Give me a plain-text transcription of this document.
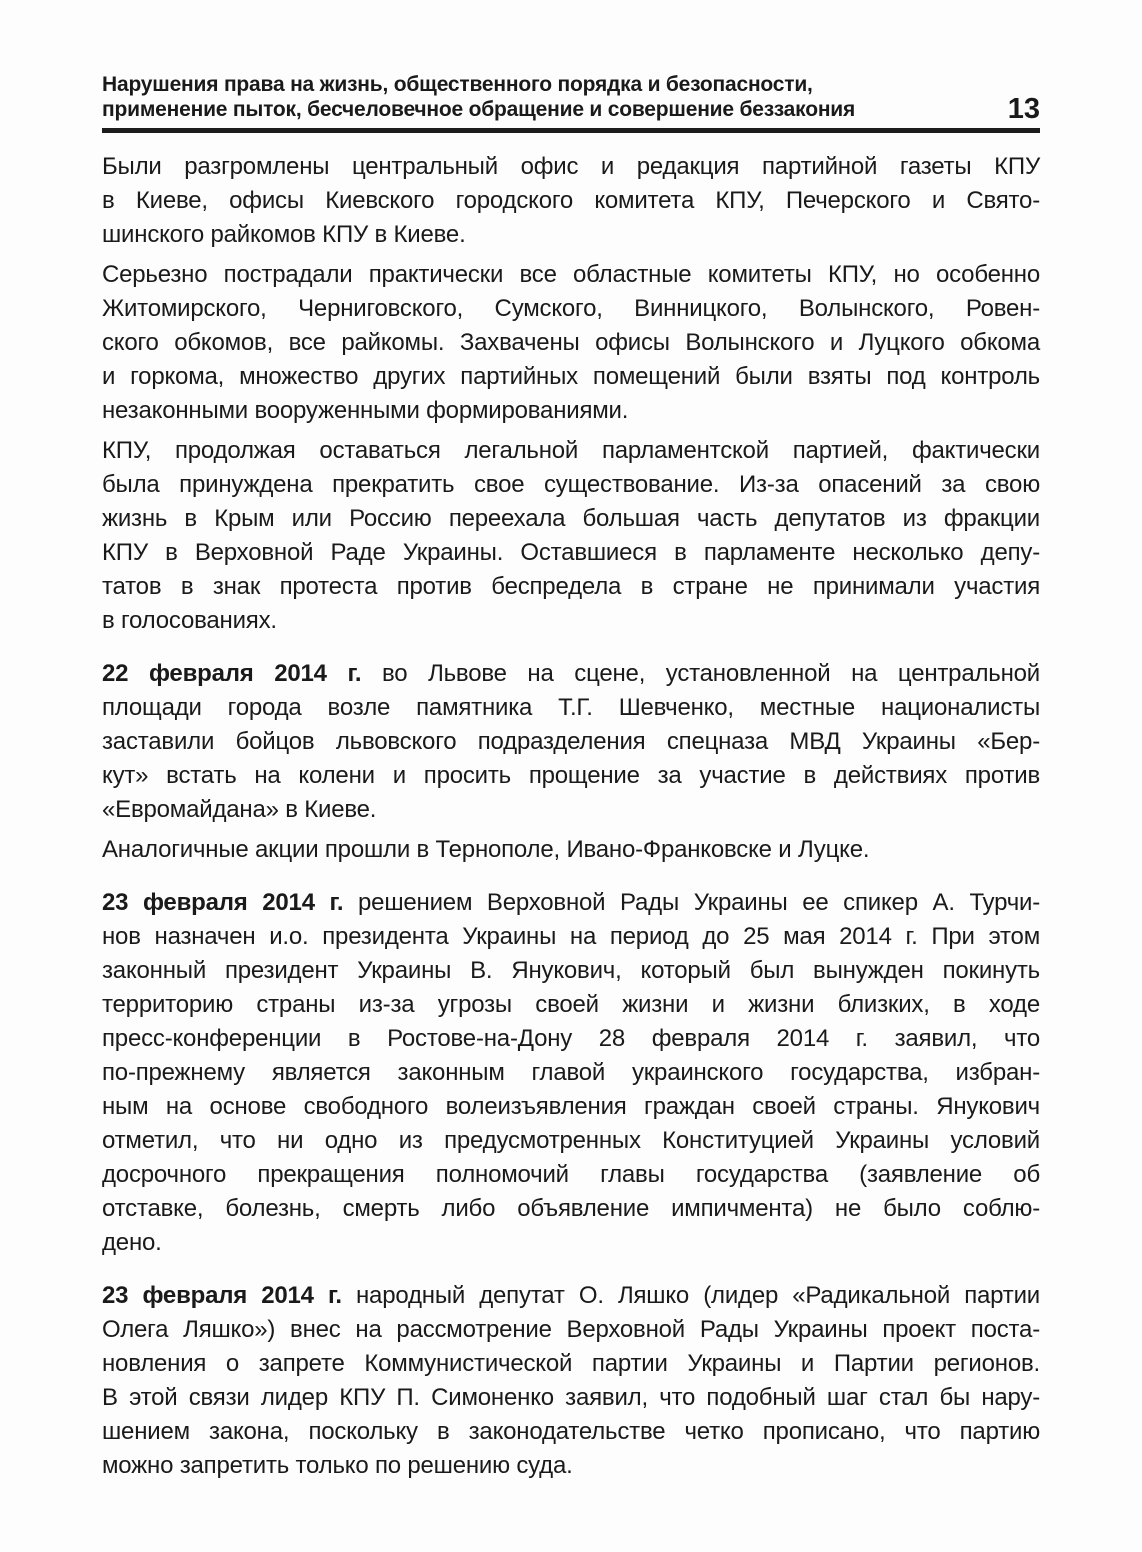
Нарушения права на жизнь, общественного порядка и безопасности,
применение пыток, бесчеловечное обращение и совершение беззакония	13
Были разгромлены центральный офис и редакция партийной газеты КПУ
в Киеве, офисы Киевского городского комитета КПУ, Печерского и Свято-
шинского райкомов КПУ в Киеве.
Серьезно пострадали практически все областные комитеты КПУ, но особенно
Житомирского, Черниговского, Сумского, Винницкого, Волынского, Ровен-
ского обкомов, все райкомы. Захвачены офисы Волынского и Луцкого обкома
и горкома, множество других партийных помещений были взяты под контроль
незаконными вооруженными формированиями.
КПУ, продолжая оставаться легальной парламентской партией, фактически
была принуждена прекратить свое существование. Из-за опасений за свою
жизнь в Крым или Россию переехала большая часть депутатов из фракции
КПУ в Верховной Раде Украины. Оставшиеся в парламенте несколько депу-
татов в знак протеста против беспредела в стране не принимали участия
в голосованиях.
22 февраля 2014 г. во Львове на сцене, установленной на центральной
площади города возле памятника Т.Г. Шевченко, местные националисты
заставили бойцов львовского подразделения спецназа МВД Украины «Бер-
кут» встать на колени и просить прощение за участие в действиях против
«Евромайдана» в Киеве.
Аналогичные акции прошли в Тернополе, Ивано-Франковске и Луцке.
23 февраля 2014 г. решением Верховной Рады Украины ее спикер А. Турчи-
нов назначен и.о. президента Украины на период до 25 мая 2014 г. При этом
законный президент Украины В. Янукович, который был вынужден покинуть
территорию страны из-за угрозы своей жизни и жизни близких, в ходе
пресс-конференции в Ростове-на-Дону 28 февраля 2014 г. заявил, что
по-прежнему является законным главой украинского государства, избран-
ным на основе свободного волеизъявления граждан своей страны. Янукович
отметил, что ни одно из предусмотренных Конституцией Украины условий
досрочного прекращения полномочий главы государства (заявление об
отставке, болезнь, смерть либо объявление импичмента) не было соблю-
дено.
23 февраля 2014 г. народный депутат О. Ляшко (лидер «Радикальной партии
Олега Ляшко») внес на рассмотрение Верховной Рады Украины проект поста-
новления о запрете Коммунистической партии Украины и Партии регионов.
В этой связи лидер КПУ П. Симоненко заявил, что подобный шаг стал бы нару-
шением закона, поскольку в законодательстве четко прописано, что партию
можно запретить только по решению суда.
